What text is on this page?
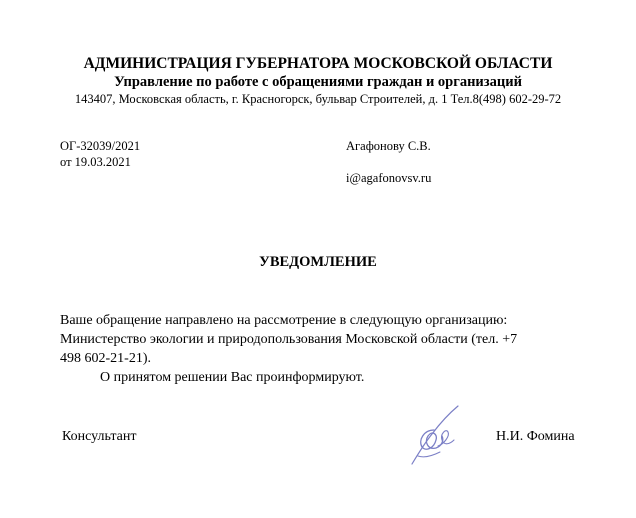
АДМИНИСТРАЦИЯ ГУБЕРНАТОРА МОСКОВСКОЙ ОБЛАСТИ
Управление по работе с обращениями граждан и организаций
143407, Московская область, г. Красногорск, бульвар Строителей, д. 1 Тел.8(498) 602-29-72
ОГ-32039/2021
от 19.03.2021
Агафонову С.В.
i@agafonovsv.ru
УВЕДОМЛЕНИЕ
Ваше обращение направлено на рассмотрение в следующую организацию:
Министерство экологии и природопользования Московской области (тел. +7
498 602-21-21).
О принятом решении Вас проинформируют.
Консультант	Н.И. Фомина
